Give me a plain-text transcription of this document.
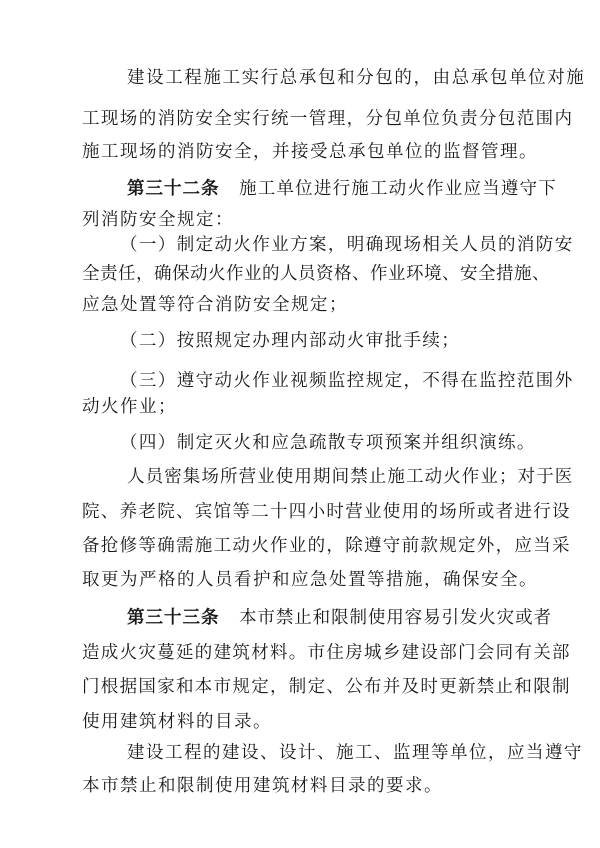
建设工程施工实行总承包和分包的，由总承包单位对施
工现场的消防安全实行统一管理，分包单位负责分包范围内
施工现场的消防安全，并接受总承包单位的监督管理。
第三十二条 施工单位进行施工动火作业应当遵守下
列消防安全规定：
（一）制定动火作业方案，明确现场相关人员的消防安
全责任，确保动火作业的人员资格、作业环境、安全措施、
应急处置等符合消防安全规定；
（二）按照规定办理内部动火审批手续；
（三）遵守动火作业视频监控规定，不得在监控范围外
动火作业；
（四）制定灭火和应急疏散专项预案并组织演练。
人员密集场所营业使用期间禁止施工动火作业；对于医
院、养老院、宾馆等二十四小时营业使用的场所或者进行设
备抢修等确需施工动火作业的，除遵守前款规定外，应当采
取更为严格的人员看护和应急处置等措施，确保安全。
第三十三条 本市禁止和限制使用容易引发火灾或者
造成火灾蔓延的建筑材料。市住房城乡建设部门会同有关部
门根据国家和本市规定，制定、公布并及时更新禁止和限制
使用建筑材料的目录。
建设工程的建设、设计、施工、监理等单位，应当遵守
本市禁止和限制使用建筑材料目录的要求。
